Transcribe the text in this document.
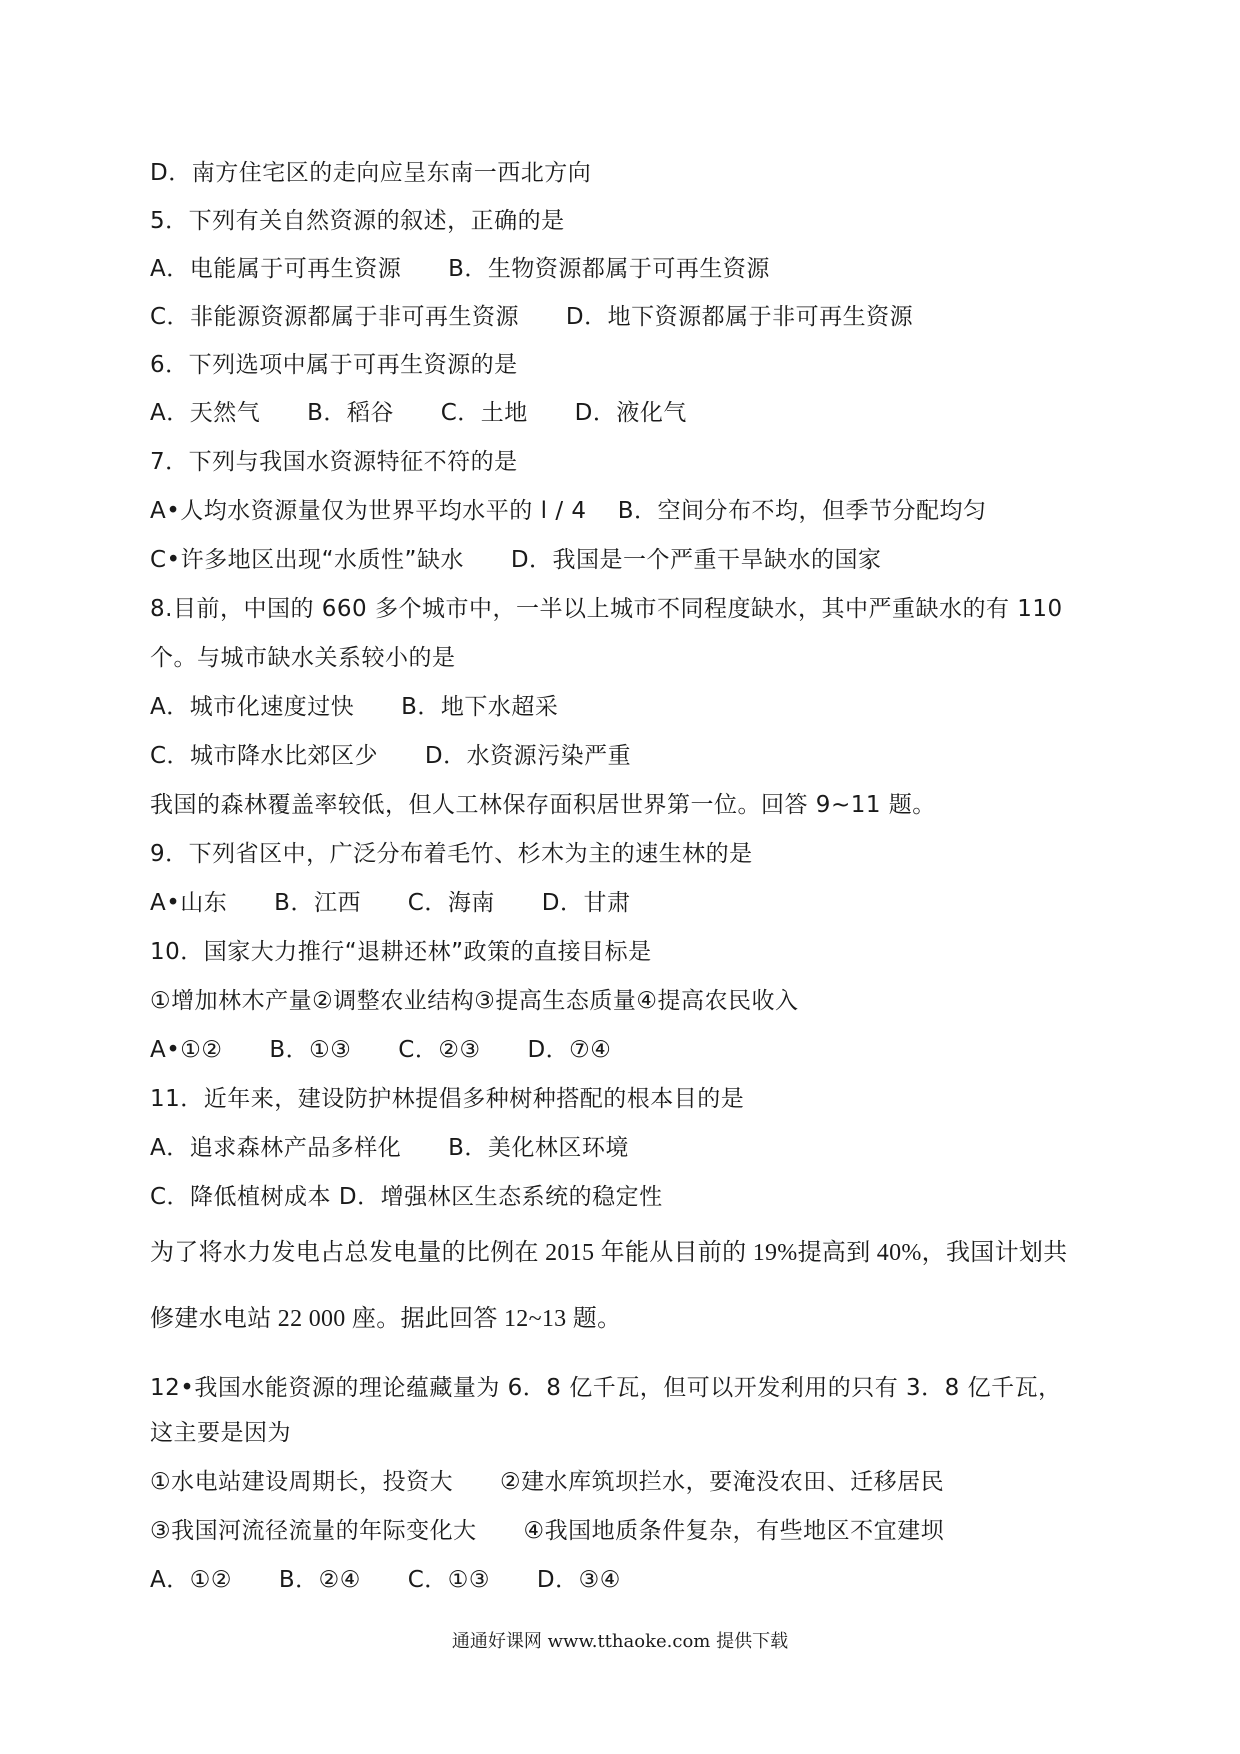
D．南方住宅区的走向应呈东南一西北方向
5．下列有关自然资源的叙述，正确的是
A．电能属于可再生资源      B．生物资源都属于可再生资源
C．非能源资源都属于非可再生资源      D．地下资源都属于非可再生资源
6．下列选项中属于可再生资源的是
A．天然气      B．稻谷      C．土地      D．液化气
7．下列与我国水资源特征不符的是
A•人均水资源量仅为世界平均水平的 l / 4    B．空间分布不均，但季节分配均匀
C•许多地区出现“水质性”缺水      D．我国是一个严重干旱缺水的国家
8.目前，中国的 660 多个城市中，一半以上城市不同程度缺水，其中严重缺水的有 110
个。与城市缺水关系较小的是
A．城市化速度过快      B．地下水超采
C．城市降水比郊区少      D．水资源污染严重
我国的森林覆盖率较低，但人工林保存面积居世界第一位。回答 9~11 题。
9．下列省区中，广泛分布着毛竹、杉木为主的速生林的是
A•山东      B．江西      C．海南      D．甘肃
10．国家大力推行“退耕还林”政策的直接目标是
①增加林木产量②调整农业结构③提高生态质量④提高农民收入
A•①②      B．①③      C．②③      D．⑦④
11．近年来，建设防护林提倡多种树种搭配的根本目的是
A．追求森林产品多样化      B．美化林区环境
C．降低植树成本 D．增强林区生态系统的稳定性
为了将水力发电占总发电量的比例在 2015 年能从目前的 19%提高到 40%，我国计划共
修建水电站 22 000 座。据此回答 12~13 题。
12•我国水能资源的理论蕴藏量为 6．8 亿千瓦，但可以开发利用的只有 3．8 亿千瓦，
这主要是因为
①水电站建设周期长，投资大      ②建水库筑坝拦水，要淹没农田、迁移居民
③我国河流径流量的年际变化大      ④我国地质条件复杂，有些地区不宜建坝
A．①②      B．②④      C．①③      D．③④
通通好课网 www.tthaoke.com 提供下载
